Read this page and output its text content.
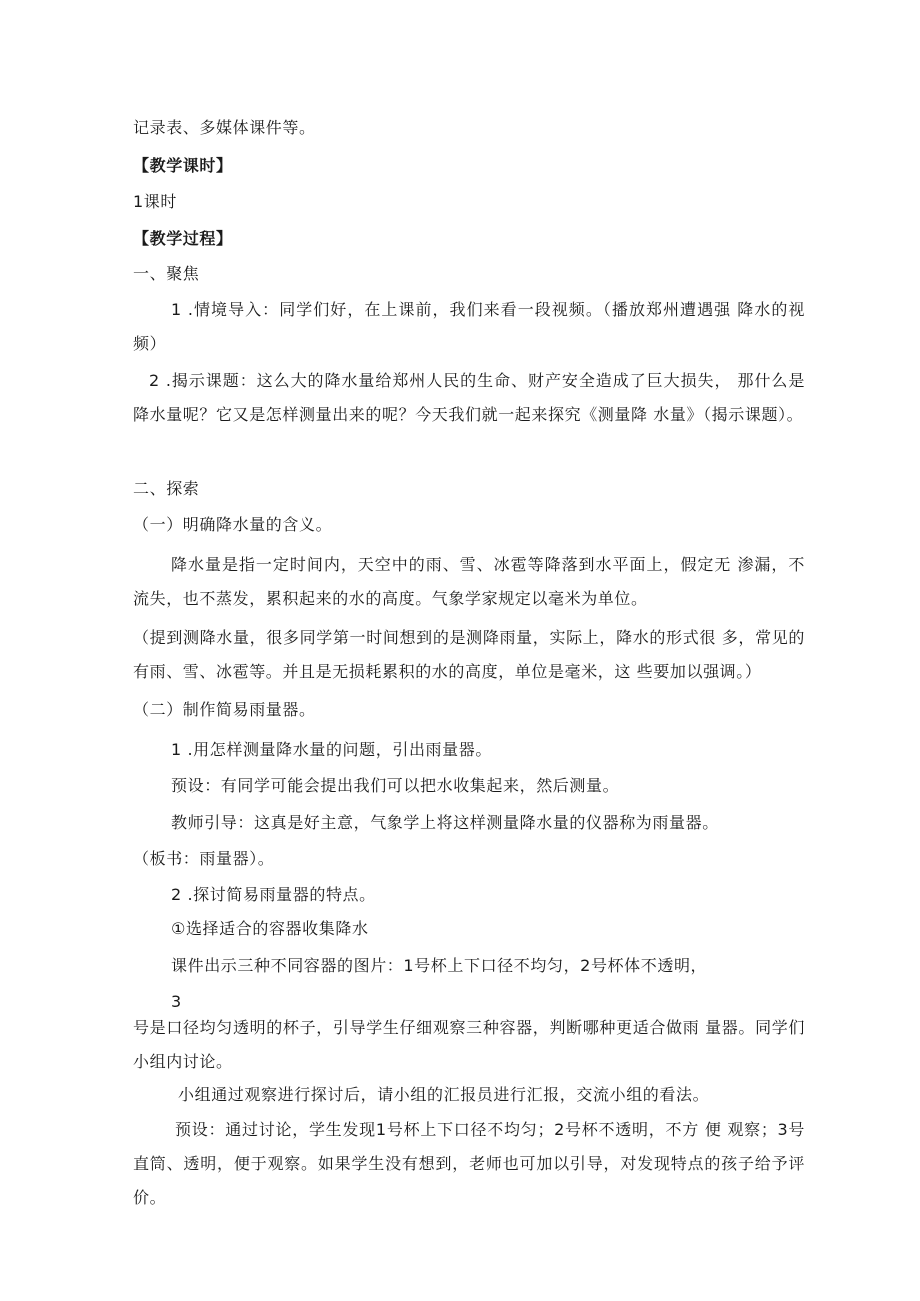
记录表、多媒体课件等。
【教学课时】
1课时
【教学过程】
一、聚焦
1 .情境导入：同学们好，在上课前，我们来看一段视频。（播放郑州遭遇强 降水的视频）
2 .揭示课题：这么大的降水量给郑州人民的生命、财产安全造成了巨大损失， 那什么是降水量呢？它又是怎样测量出来的呢？今天我们就一起来探究《测量降 水量》（揭示课题）。
二、探索
（一）明确降水量的含义。
降水量是指一定时间内，天空中的雨、雪、冰雹等降落到水平面上，假定无 渗漏，不流失，也不蒸发，累积起来的水的高度。气象学家规定以毫米为单位。
（提到测降水量，很多同学第一时间想到的是测降雨量，实际上，降水的形式很 多，常见的有雨、雪、冰雹等。并且是无损耗累积的水的高度，单位是毫米，这 些要加以强调。）
（二）制作简易雨量器。
1 .用怎样测量降水量的问题，引出雨量器。
预设：有同学可能会提出我们可以把水收集起来，然后测量。
教师引导：这真是好主意，气象学上将这样测量降水量的仪器称为雨量器。
（板书：雨量器）。
2 .探讨简易雨量器的特点。
①选择适合的容器收集降水
课件出示三种不同容器的图片：1号杯上下口径不均匀，2号杯体不透明，
3
号是口径均匀透明的杯子，引导学生仔细观察三种容器，判断哪种更适合做雨 量器。同学们小组内讨论。
小组通过观察进行探讨后，请小组的汇报员进行汇报，交流小组的看法。
预设：通过讨论，学生发现1号杯上下口径不均匀；2号杯不透明，不方 便 观察；3号直筒、透明，便于观察。如果学生没有想到，老师也可加以引导，对发现特点的孩子给予评价。
